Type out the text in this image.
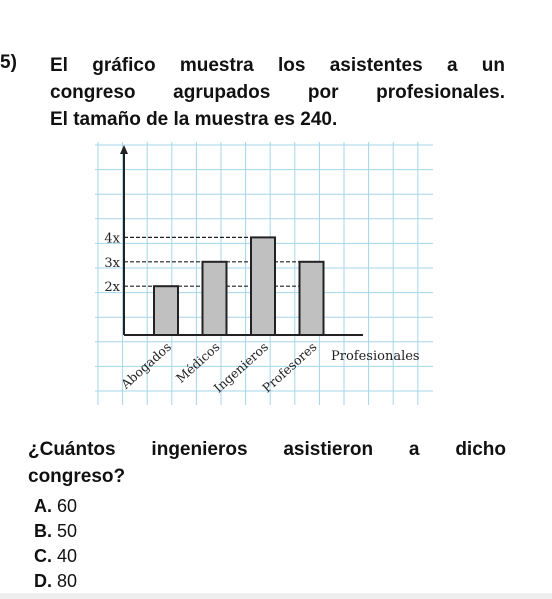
5) El gráfico muestra los asistentes a un
congreso agrupados por profesionales.
El tamaño de la muestra es 240.
2x
3x
4x
Abogados
Médicos
Ingenieros
Profesores Profesionales
¿Cuántos ingenieros asistieron a dicho
congreso?
A. 60
B. 50
C. 40
D. 80
